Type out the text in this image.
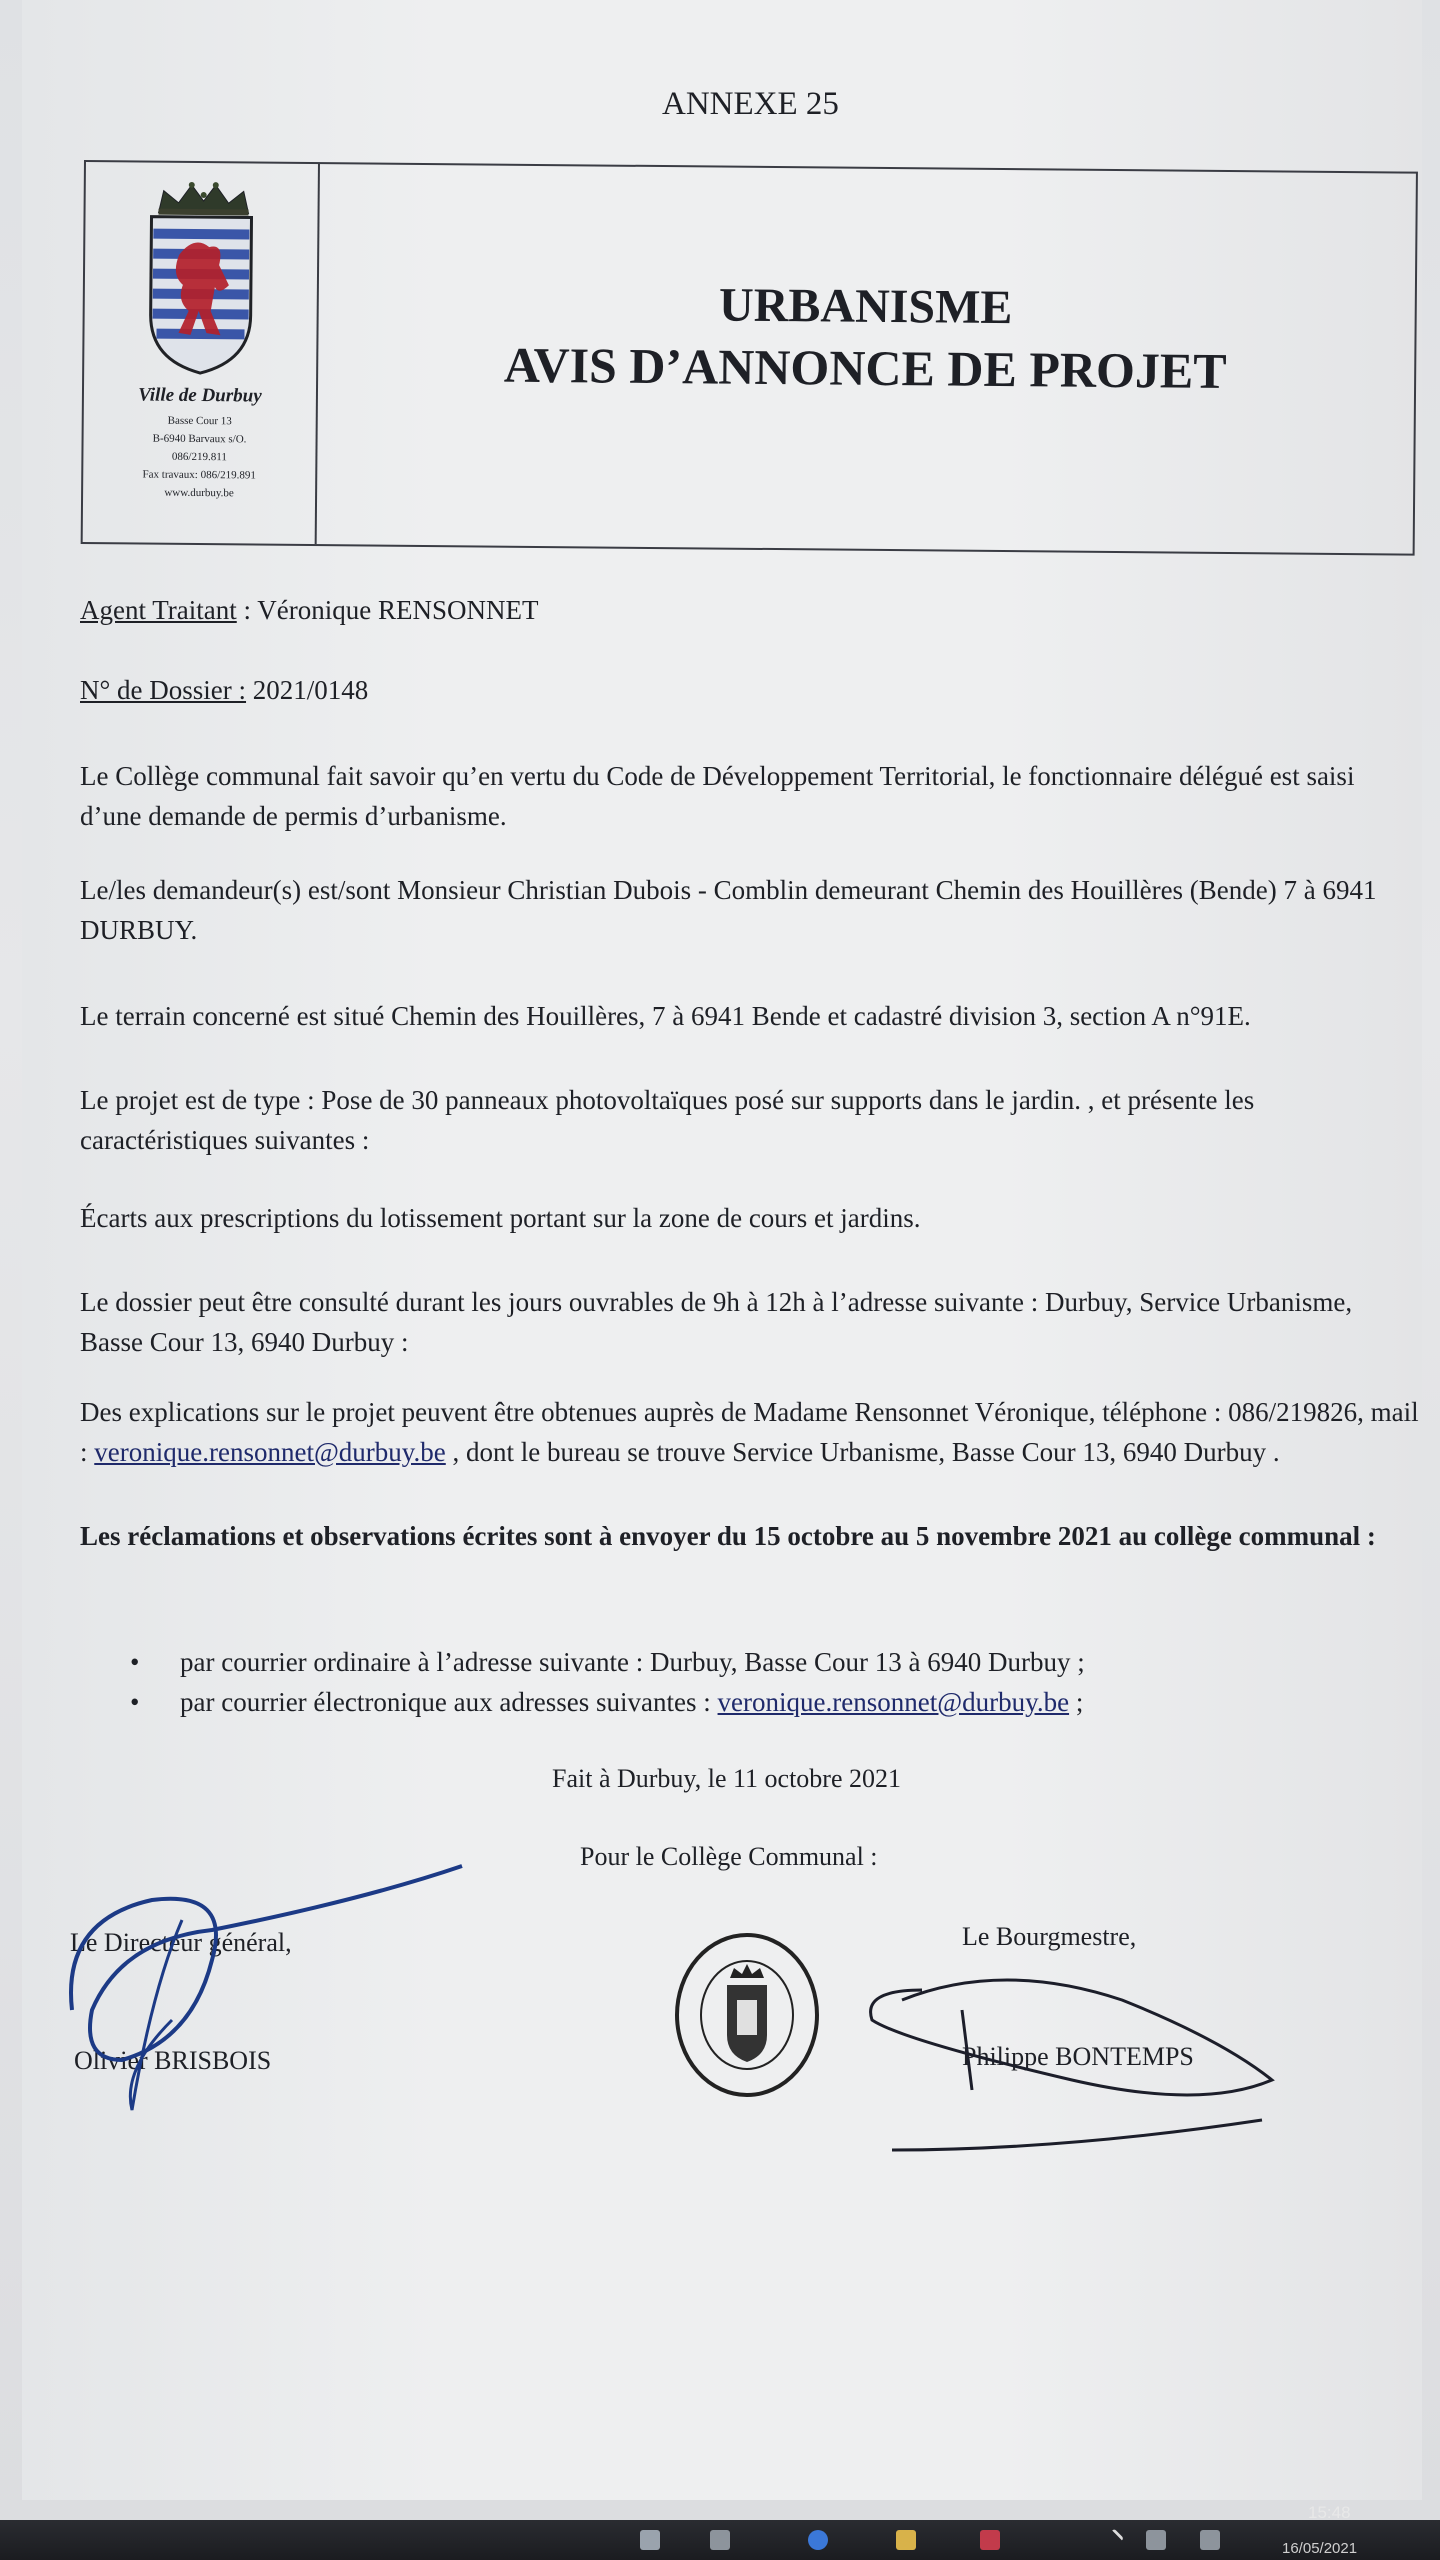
ANNEXE 25
Ville de Durbuy
Basse Cour 13
B-6940 Barvaux s/O.
086/219.811
Fax travaux: 086/219.891
www.durbuy.be
URBANISME
AVIS D’ANNONCE DE PROJET
Agent Traitant : Véronique RENSONNET
N° de Dossier : 2021/0148
Le Collège communal fait savoir qu’en vertu du Code de Développement Territorial, le fonctionnaire délégué est saisi d’une demande de permis d’urbanisme.
Le/les demandeur(s) est/sont Monsieur Christian Dubois - Comblin demeurant Chemin des Houillères (Bende) 7 à 6941 DURBUY.
Le terrain concerné est situé Chemin des Houillères, 7 à 6941 Bende et cadastré division 3, section A n°91E.
Le projet est de type : Pose de 30 panneaux photovoltaïques posé sur supports dans le jardin. , et présente les caractéristiques suivantes :
Écarts aux prescriptions du lotissement portant sur la zone de cours et jardins.
Le dossier peut être consulté durant les jours ouvrables de 9h à 12h à l’adresse suivante : Durbuy, Service Urbanisme, Basse Cour 13, 6940 Durbuy :
Des explications sur le projet peuvent être obtenues auprès de Madame Rensonnet Véronique, téléphone : 086/219826, mail : veronique.rensonnet@durbuy.be , dont le bureau se trouve Service Urbanisme, Basse Cour 13, 6940 Durbuy .
Les réclamations et observations écrites sont à envoyer du 15 octobre au 5 novembre 2021 au collège communal :
• par courrier ordinaire à l’adresse suivante : Durbuy, Basse Cour 13 à 6940 Durbuy ;
• par courrier électronique aux adresses suivantes : veronique.rensonnet@durbuy.be ;
Fait à Durbuy, le 11 octobre 2021
Pour le Collège Communal :
Le Directeur général,
Olivier BRISBOIS
Le Bourgmestre,
Philippe BONTEMPS
15:48
16/05/2021
